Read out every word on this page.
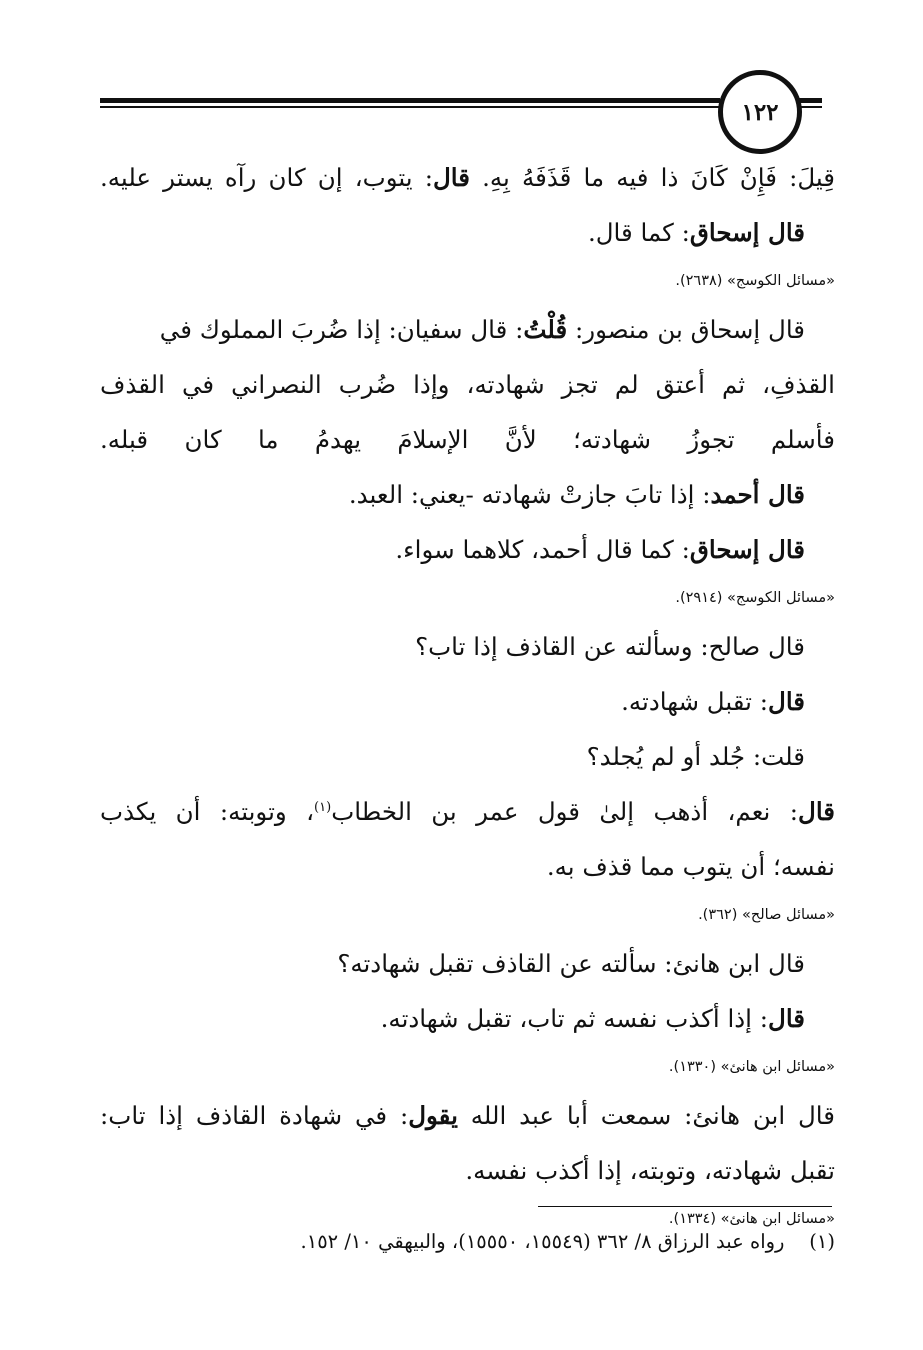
١٢٢
قِيلَ: فَإِنْ كَانَ ذا فيه ما قَذَفَهُ بِهِ. قال: يتوب، إن كان رآه يستر عليه.
قال إسحاق: كما قال.
«مسائل الكوسج» (٢٦٣٨).
قال إسحاق بن منصور: قُلْتُ: قال سفيان: إذا ضُربَ المملوك في
القذفِ، ثم أعتق لم تجز شهادته، وإذا ضُرب النصراني في القذف
فأسلم تجوزُ شهادته؛ لأنَّ الإسلامَ يهدمُ ما كان قبله.
قال أحمد: إذا تابَ جازتْ شهادته -يعني: العبد.
قال إسحاق: كما قال أحمد، كلاهما سواء.
«مسائل الكوسج» (٢٩١٤).
قال صالح: وسألته عن القاذف إذا تاب؟
قال: تقبل شهادته.
قلت: جُلد أو لم يُجلد؟
قال: نعم، أذهب إلىٰ قول عمر بن الخطاب$^{(١)}$، وتوبته: أن يكذب
نفسه؛ أن يتوب مما قذف به.
«مسائل صالح» (٣٦٢).
قال ابن هانئ: سألته عن القاذف تقبل شهادته؟
قال: إذا أكذب نفسه ثم تاب، تقبل شهادته.
«مسائل ابن هانئ» (١٣٣٠).
قال ابن هانئ: سمعت أبا عبد الله يقول: في شهادة القاذف إذا تاب:
تقبل شهادته، وتوبته، إذا أكذب نفسه.
«مسائل ابن هانئ» (١٣٣٤).
(١)    رواه عبد الرزاق ٨/ ٣٦٢ (١٥٥٤٩، ١٥٥٥٠)، والبيهقي ١٠/ ١٥٢.
